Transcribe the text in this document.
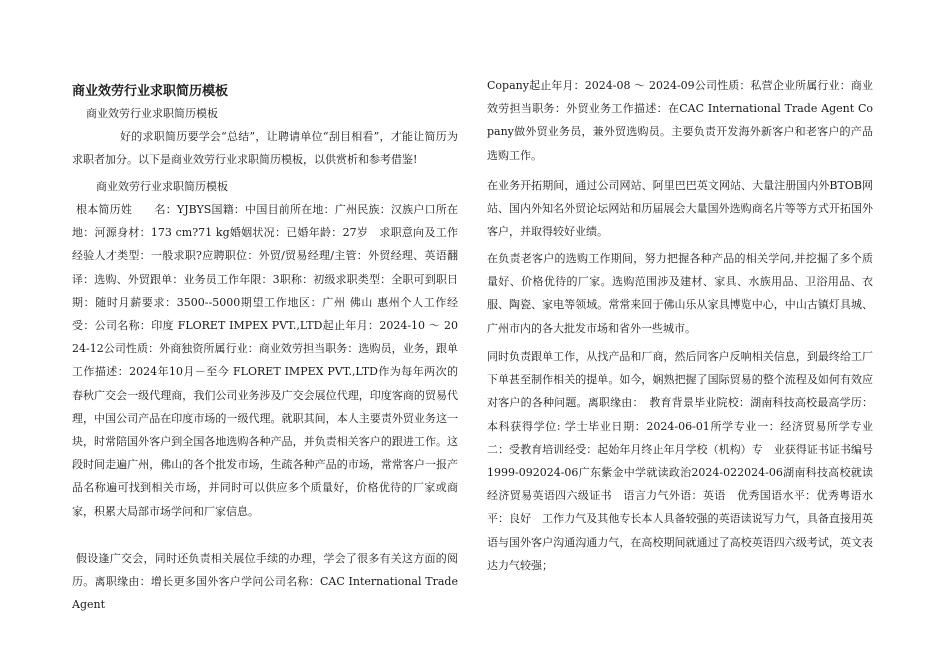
商业效劳行业求职简历模板
商业效劳行业求职简历模板
好的求职简历要学会“总结”，让聘请单位“刮目相看”，才能让简历为求职者加分。以下是商业效劳行业求职简历模板，以供赏析和参考借鉴!
商业效劳行业求职简历模板
根本简历姓　　名：YJBYS国籍：中国目前所在地：广州民族：汉族户口所在地：河源身材：173 cm?71 kg婚姻状况：已婚年龄：27岁　求职意向及工作经验人才类型：一般求职?应聘职位：外贸/贸易经理/主管：外贸经理、英语翻译：选购、外贸跟单：业务员工作年限：3职称：初级求职类型：全职可到职日期：随时月薪要求：3500--5000期望工作地区：广州 佛山 惠州个人工作经受：公司名称：印度 FLORET IMPEX PVT.,LTD起止年月：2024-10 ～ 2024-12公司性质：外商独资所属行业：商业效劳担当职务：选购员，业务，跟单工作描述：2024年10月－至今 FLORET IMPEX PVT.,LTD作为每年两次的春秋广交会一级代理商，我们公司业务涉及广交会展位代理，印度客商的贸易代理，中国公司产品在印度市场的一级代理。就职其间，本人主要责外贸业务这一块，时常陪国外客户到全国各地选购各种产品，并负责相关客户的跟进工作。这段时间走遍广州，佛山的各个批发市场，生疏各种产品的市场，常常客户一报产品名称遍可找到相关市场，并同时可以供应多个质量好，价格优待的厂家或商家，积累大局部市场学问和厂家信息。
假设逢广交会，同时还负责相关展位手续的办理，学会了很多有关这方面的阅历。离职缘由：增长更多国外客户学问公司名称：CAC International Trade Agent
Copany起止年月：2024-08 ～ 2024-09公司性质：私营企业所属行业：商业效劳担当职务：外贸业务工作描述：在CAC International Trade Agent Copany做外贸业务员，兼外贸选购员。主要负责开发海外新客户和老客户的产品选购工作。
在业务开拓期间，通过公司网站、阿里巴巴英文网站、大量注册国内外BTOB网站、国内外知名外贸论坛网站和历届展会大量国外选购商名片等等方式开拓国外客户，并取得较好业绩。
在负责老客户的选购工作期间，努力把握各种产品的相关学问,并挖掘了多个质量好、价格优待的厂家。选购范围涉及建材、家具、水族用品、卫浴用品、衣服、陶瓷、家电等领域。常常来回于佛山乐从家具博览中心，中山古镇灯具城、广州市内的各大批发市场和省外一些城市。
同时负责跟单工作，从找产品和厂商，然后同客户反响相关信息，到最终给工厂下单甚至制作相关的提单。如今，娴熟把握了国际贸易的整个流程及如何有效应对客户的各种问题。离职缘由：　教育背景毕业院校：湖南科技高校最高学历：本科获得学位: 学士毕业日期：2024-06-01所学专业一：经济贸易所学专业二：受教育培训经受：起始年月终止年月学校（机构）专　业获得证书证书编号1999-092024-06广东紫金中学就读政治2024-022024-06湖南科技高校就读经济贸易英语四六级证书　语言力气外语：英语　优秀国语水平：优秀粤语水平：良好　工作力气及其他专长本人具备较强的英语读说写力气，具备直接用英语与国外客户沟通沟通力气，在高校期间就通过了高校英语四六级考试，英文表达力气较强；
